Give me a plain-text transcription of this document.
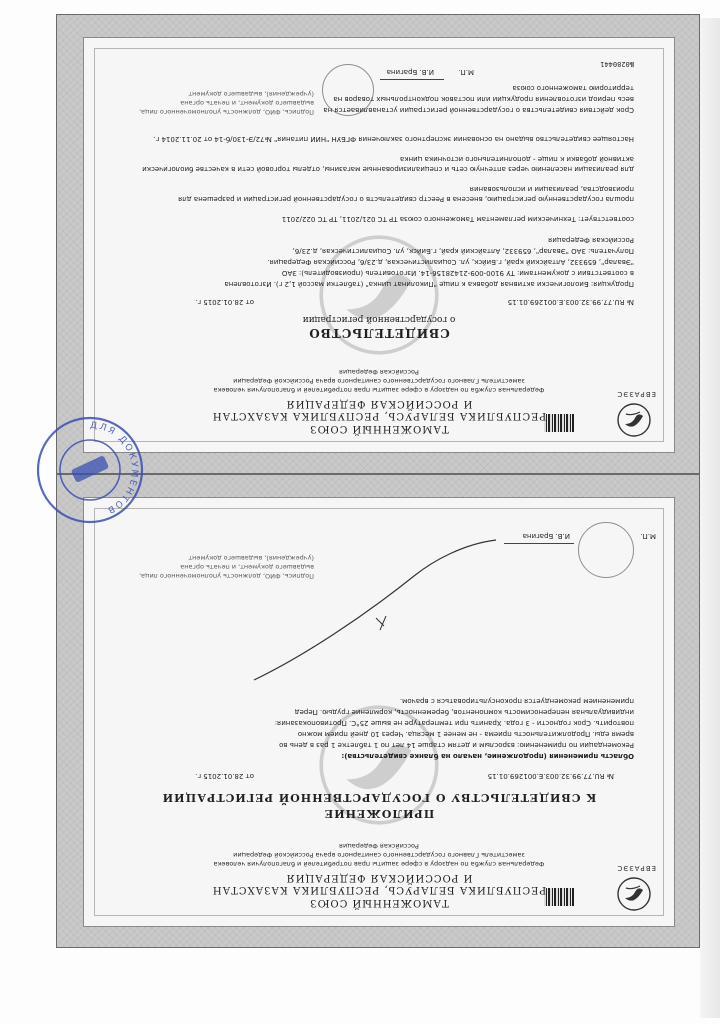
ЕВРАЗЭС
ТАМОЖЕННЫЙ СОЮЗ
РЕСПУБЛИКА БЕЛАРУСЬ, РЕСПУБЛИКА КАЗАХСТАН
И РОССИЙСКАЯ ФЕДЕРАЦИЯ
Федеральная служба по надзору в сфере защиты прав потребителей и благополучия человека
заместитель Главного государственного санитарного врача Российской Федерации
Российская Федерация
СВИДЕТЕЛЬСТВО
о государственной регистрации
№ RU.77.99.32.003.E.001269.01.15
от 28.01.2015 г.
Продукция: Биологически активная добавка к пище "Пиколинат цинка" (таблетки массой 1,2 г). Изготовлена
в соответствии с документами: ТУ 9100-009-21428156-14. Изготовитель (производитель): ЗАО
"Эвалар", 659332, Алтайский край, г.Бийск, ул. Социалистическая, д.23/6, Российская Федерация.
Получатель: ЗАО "Эвалар", 659332, Алтайский край, г.Бийск, ул. Социалистическая, д.23/6,
Российская Федерация
соответствует: Техническим регламентам Таможенного союза ТР ТС 021/2011, ТР ТС 022/2011
прошла государственную регистрацию, внесена в Реестр свидетельств о государственной регистрации и разрешена для производства, реализации и использования
для реализации населению через аптечную сеть и специализированные магазины, отделы торговой сети в качестве биологически активной добавки к пище - дополнительного источника цинка
Настоящее свидетельство выдано на основании экспертного заключения ФГБУН "НИИ питания" №72/Э-130/б-14 от 20.11.2014 г.
Срок действия свидетельства о государственной регистрации устанавливается на
весь период изготовления продукции или поставок подконтрольных товаров на
территорию таможенного союза
Подпись, ФИО, должность уполномоченного лица, выдавшего документ, и печать органа (учреждения), выдавшего документ
И.В. Брагина	М.П.
№0280441
ЕВРАЗЭС
ТАМОЖЕННЫЙ СОЮЗ
РЕСПУБЛИКА БЕЛАРУСЬ, РЕСПУБЛИКА КАЗАХСТАН
И РОССИЙСКАЯ ФЕДЕРАЦИЯ
Федеральная служба по надзору в сфере защиты прав потребителей и благополучия человека
заместитель Главного государственного санитарного врача Российской Федерации
Российская Федерация
ПРИЛОЖЕНИЕ
К СВИДЕТЕЛЬСТВУ О ГОСУДАРСТВЕННОЙ РЕГИСТРАЦИИ
№ RU.77.99.32.003.E.001269.01.15
от 28.01.2015 г.
Область применения (продолжение, начало на бланке свидетельства):
Рекомендации по применению: взрослым и детям старше 14 лет по 1 таблетке 1 раз в день во
время еды. Продолжительность приема - не менее 1 месяца. Через 10 дней прием можно
повторить. Срок годности - 3 года. Хранить при температуре не выше 25°С. Противопоказания:
индивидуальная непереносимость компонентов, беременность, кормление грудью. Перед
применением рекомендуется проконсультироваться с врачом.
Подпись, ФИО, должность уполномоченного лица, выдавшего документ, и печать органа (учреждения), выдавшего документ
И.В. Брагина	М.П.
ДЛЯ ДОКУМЕНТОВ
